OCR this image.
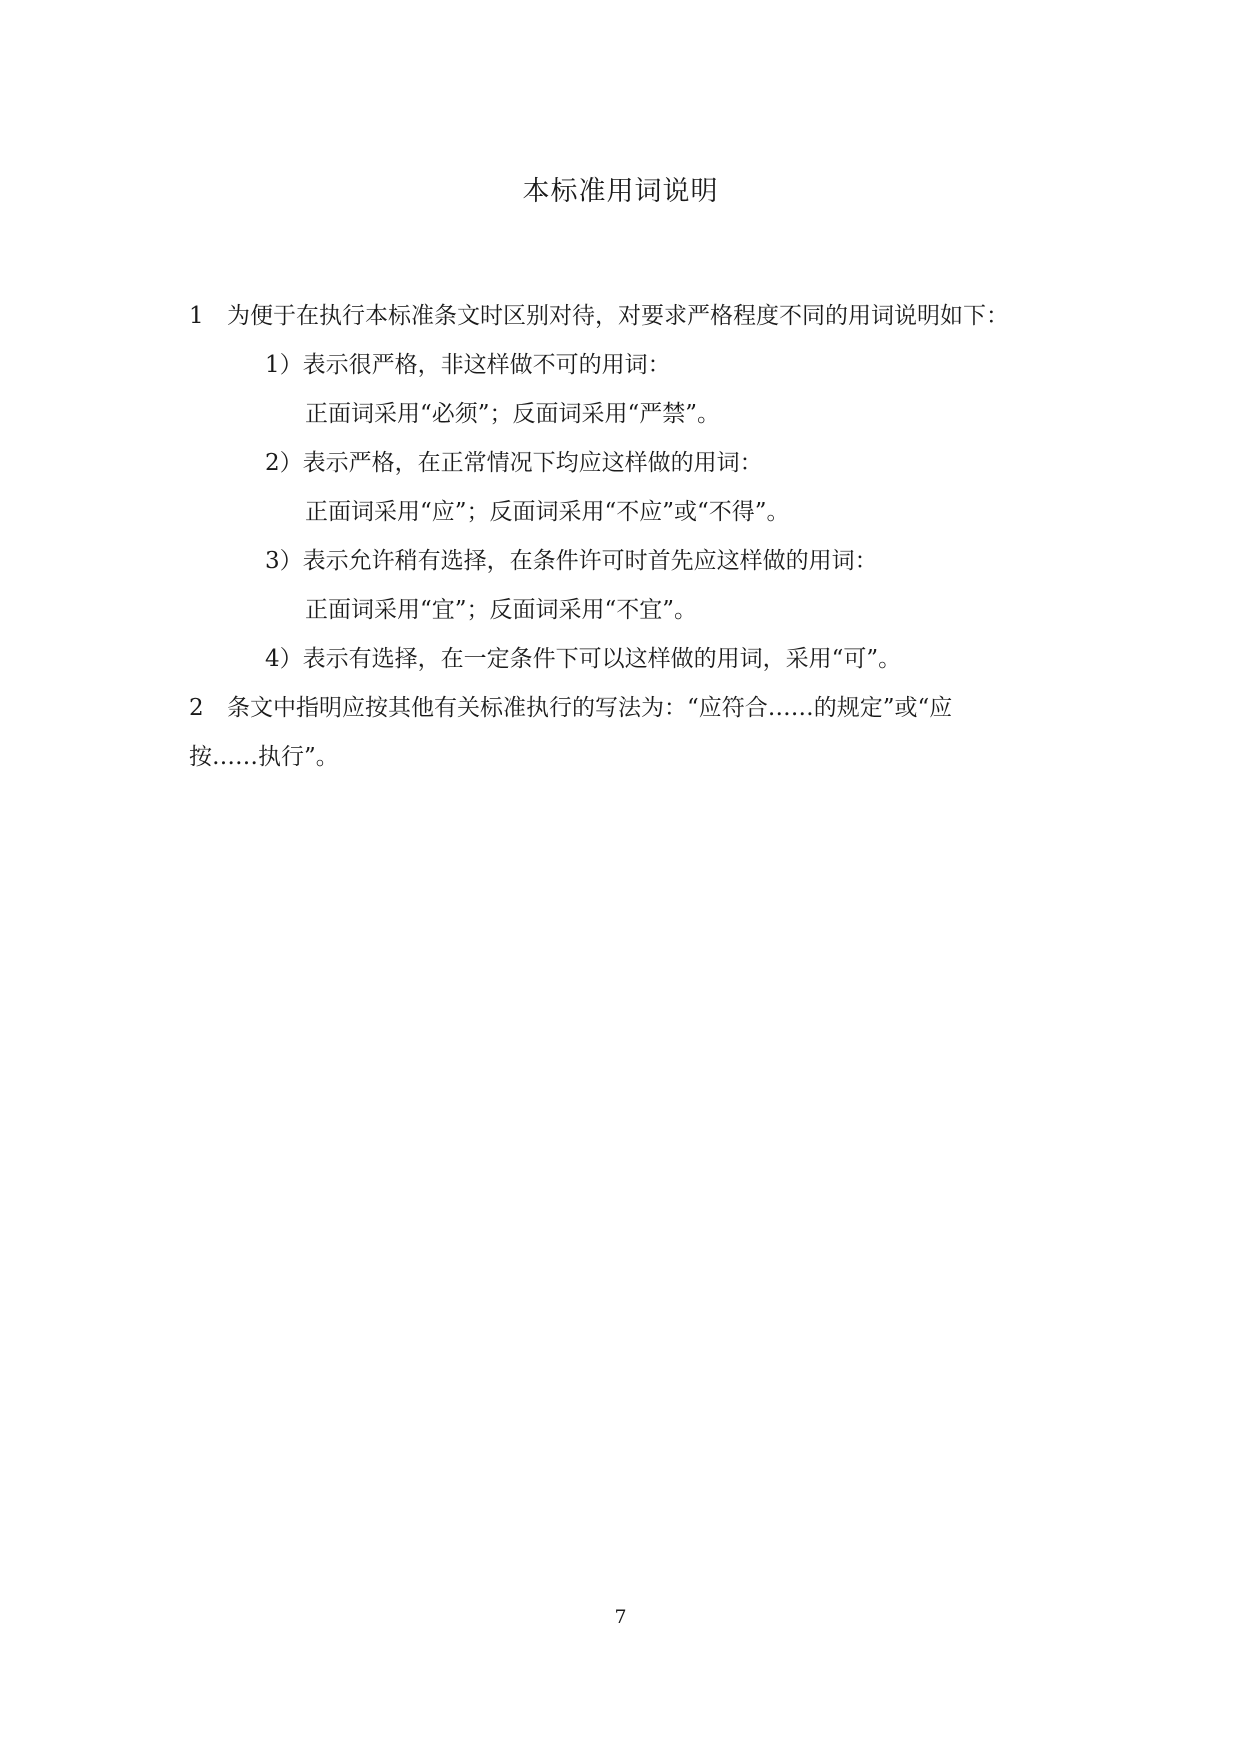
本标准用词说明
1 为便于在执行本标准条文时区别对待，对要求严格程度不同的用词说明如下：
1）表示很严格，非这样做不可的用词：
正面词采用“必须”；反面词采用“严禁”。
2）表示严格，在正常情况下均应这样做的用词：
正面词采用“应”；反面词采用“不应”或“不得”。
3）表示允许稍有选择，在条件许可时首先应这样做的用词：
正面词采用“宜”；反面词采用“不宜”。
4）表示有选择，在一定条件下可以这样做的用词，采用“可”。
2 条文中指明应按其他有关标准执行的写法为：“应符合……的规定”或“应
按……执行”。
7
